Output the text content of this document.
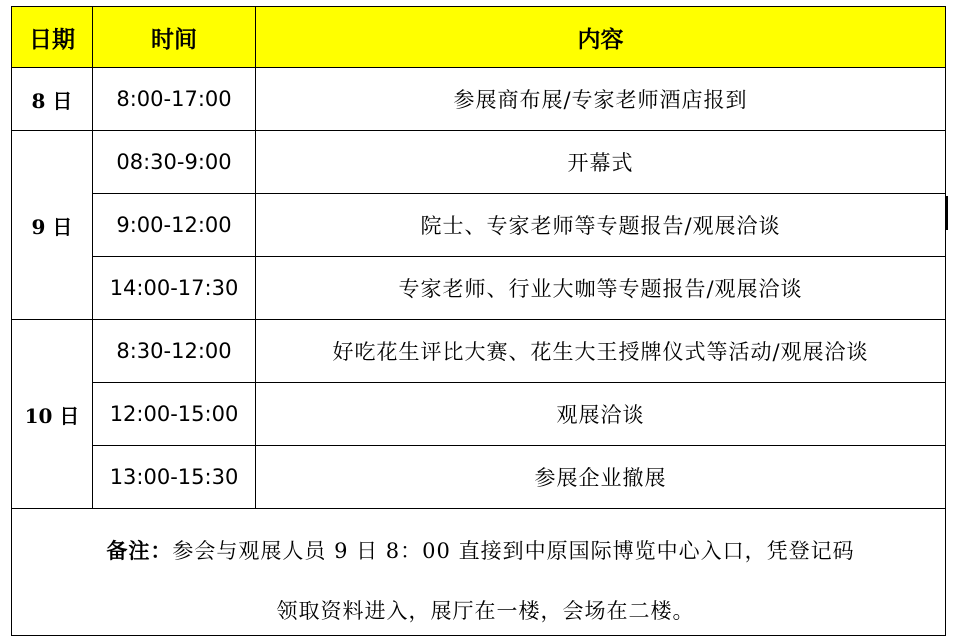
日期	时间	内容
8 日	8:00-17:00	参展商布展/专家老师酒店报到
9 日	08:30-9:00	开幕式
	9:00-12:00	院士、专家老师等专题报告/观展洽谈
	14:00-17:30	专家老师、行业大咖等专题报告/观展洽谈
10 日	8:30-12:00	好吃花生评比大赛、花生大王授牌仪式等活动/观展洽谈
	12:00-15:00	观展洽谈
	13:00-15:30	参展企业撤展

备注：参会与观展人员 9 日 8：00 直接到中原国际博览中心入口，凭登记码
领取资料进入，展厅在一楼，会场在二楼。		
